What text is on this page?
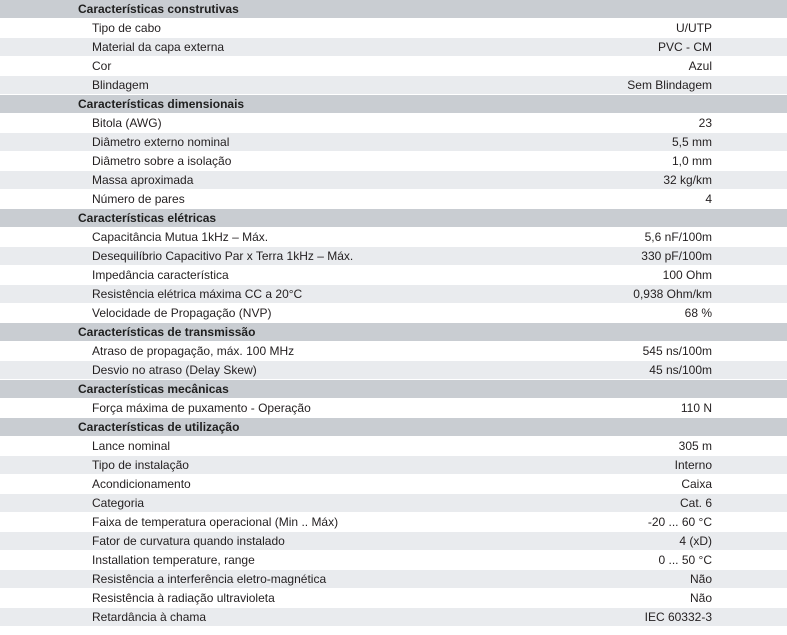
Características construtivas
Tipo de cabo	U/UTP
Material da capa externa	PVC - CM
Cor	Azul
Blindagem	Sem Blindagem
Características dimensionais
Bitola (AWG)	23
Diâmetro externo nominal	5,5 mm
Diâmetro sobre a isolação	1,0 mm
Massa aproximada	32 kg/km
Número de pares	4
Características elétricas
Capacitância Mutua 1kHz – Máx.	5,6 nF/100m
Desequilíbrio Capacitivo Par x Terra 1kHz – Máx.	330 pF/100m
Impedância característica	100 Ohm
Resistência elétrica máxima CC a 20°C	0,938 Ohm/km
Velocidade de Propagação (NVP)	68 %
Características de transmissão
Atraso de propagação, máx. 100 MHz	545 ns/100m
Desvio no atraso (Delay Skew)	45 ns/100m
Características mecânicas
Força máxima de puxamento - Operação	110 N
Características de utilização
Lance nominal	305 m
Tipo de instalação	Interno
Acondicionamento	Caixa
Categoria	Cat. 6
Faixa de temperatura operacional (Min .. Máx)	-20 ... 60 °C
Fator de curvatura quando instalado	4 (xD)
Installation temperature, range	0 ... 50 °C
Resistência a interferência eletro-magnética	Não
Resistência à radiação ultravioleta	Não
Retardância à chama	IEC 60332-3
